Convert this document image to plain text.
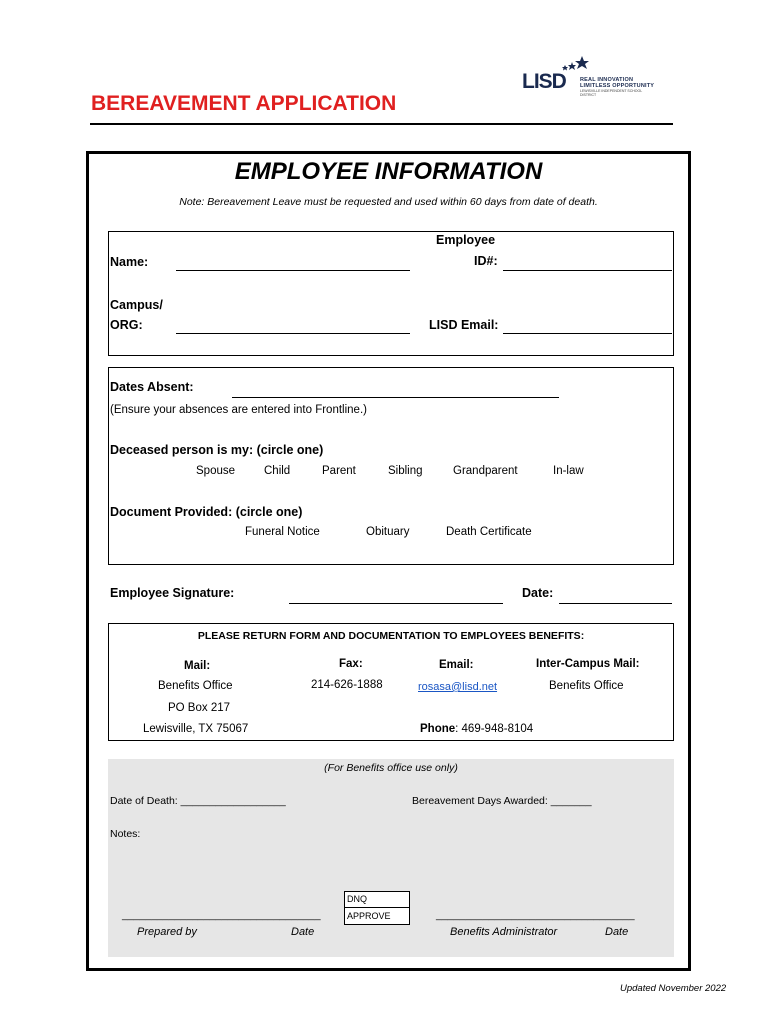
LISD	REAL INNOVATION
LIMITLESS OPPORTUNITY
LEWISVILLE INDEPENDENT SCHOOL DISTRICT
BEREAVEMENT APPLICATION
EMPLOYEE INFORMATION
Note: Bereavement Leave must be requested and used within 60 days from date of death.
Name:
Employee
ID#:
Campus/
ORG:	LISD Email:
Dates Absent:
(Ensure your absences are entered into Frontline.)
Deceased person is my: (circle one)
Spouse	Child	Parent	Sibling	Grandparent	In-law
Document Provided: (circle one)
Funeral Notice	Obituary	Death Certificate
Employee Signature:	Date:
PLEASE RETURN FORM AND DOCUMENTATION TO EMPLOYEES BENEFITS:
Mail:
Benefits Office
PO Box 217
Lewisville, TX 75067
Fax:
214-626-1888
Email:
rosasa@lisd.net
Inter-Campus Mail:
Benefits Office
Phone: 469-948-8104
(For Benefits office use only)
Date of Death: __________________	Bereavement Days Awarded: _______
Notes:
DNQ
APPROVE
__________________________________	__________________________________
Prepared by	Date	Benefits Administrator	Date
Updated November 2022
